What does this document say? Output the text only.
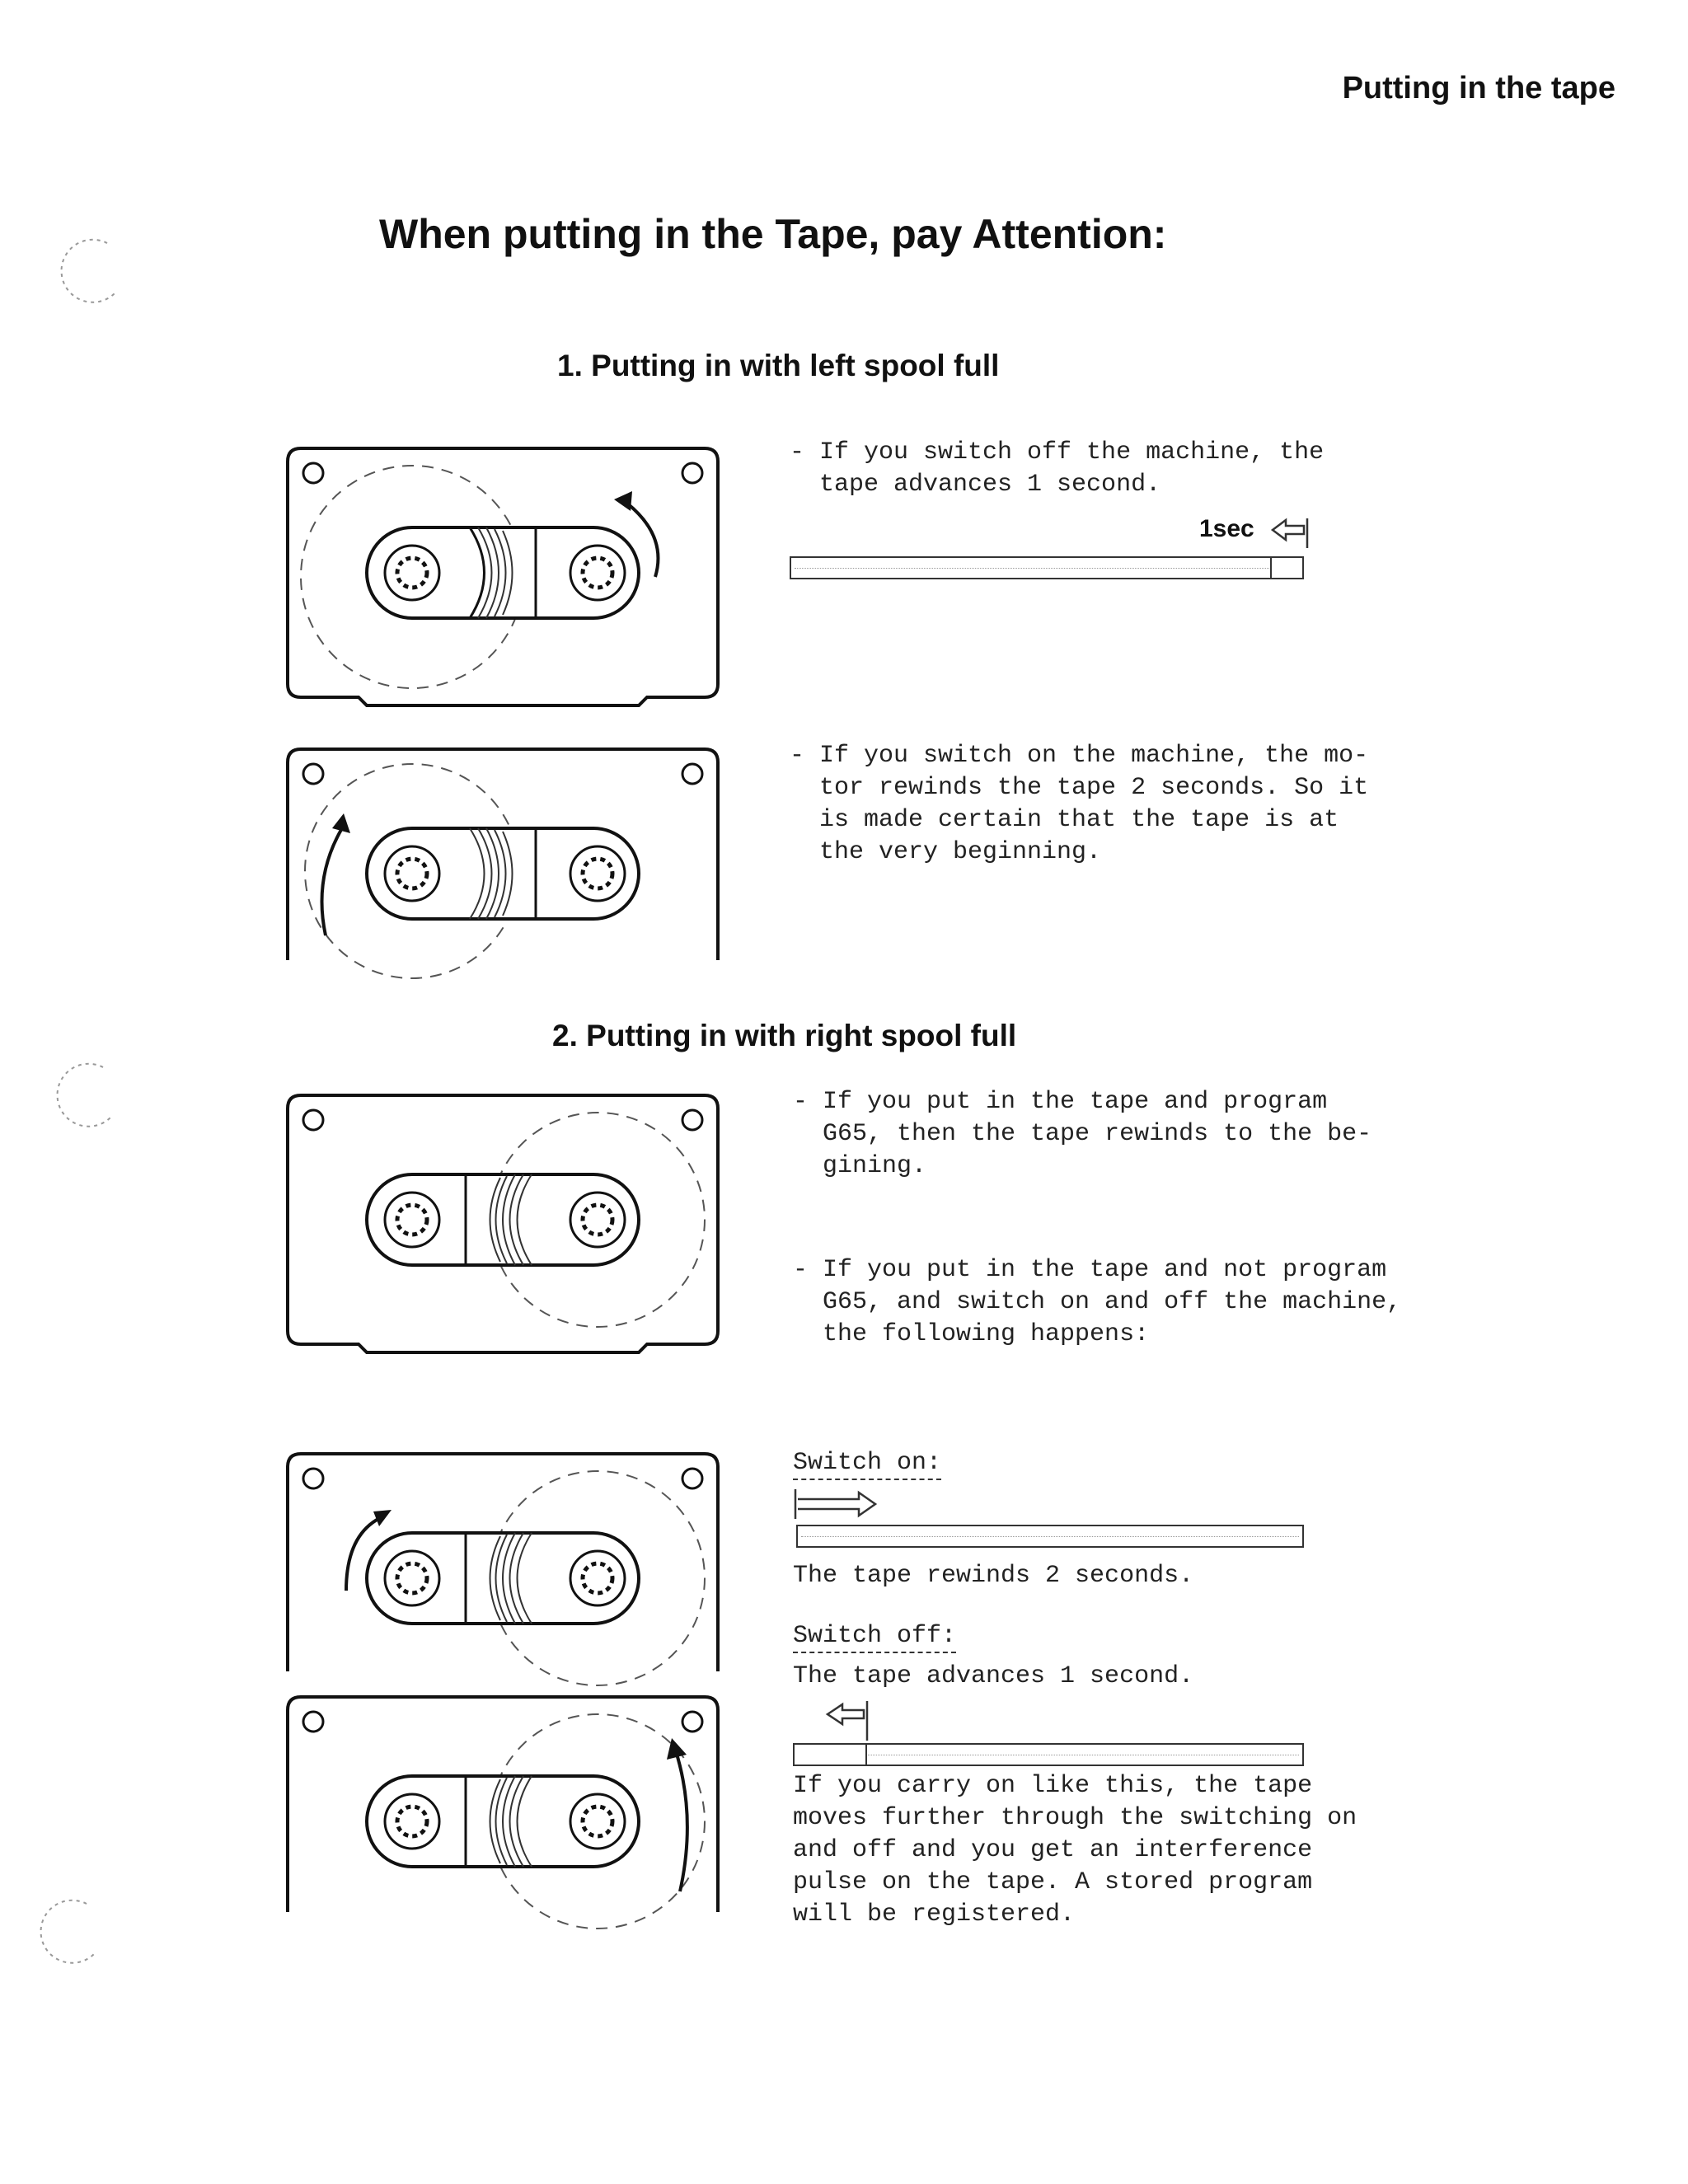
Putting in the tape
When putting in the Tape, pay Attention:
1. Putting in with left spool full
- If you switch off the machine, the
tape advances 1 second.
1sec
- If you switch on the machine, the mo-
tor rewinds the tape 2 seconds. So it
is made certain that the tape is at
the very beginning.
2. Putting in with right spool full
- If you put in the tape and program
G65, then the tape rewinds to the be-
gining.
- If you put in the tape and not program
G65, and switch on and off the machine,
the following happens:
Switch on:
The tape rewinds 2 seconds.
Switch off:
The tape advances 1 second.
If you carry on like this, the tape
moves further through the switching on
and off and you get an interference
pulse on the tape. A stored program
will be registered.
